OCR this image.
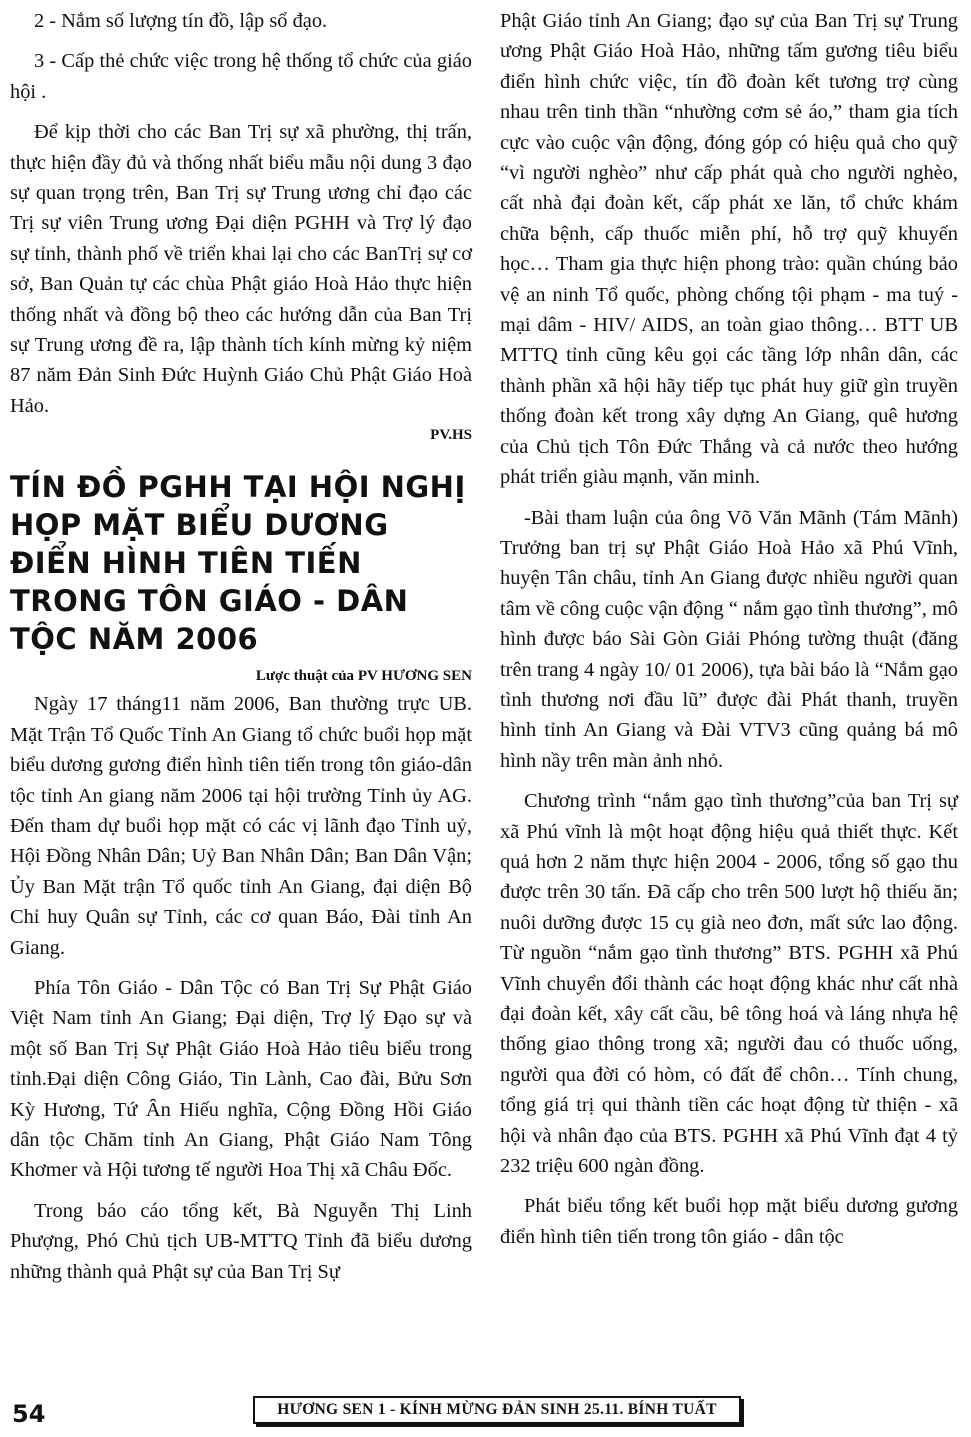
2 - Nắm số lượng tín đồ, lập sổ đạo.

3 - Cấp thẻ chức việc trong hệ thống tổ chức của giáo hội .

Để kịp thời cho các Ban Trị sự xã phường, thị trấn, thực hiện đầy đủ và thống nhất biểu mẫu nội dung 3 đạo sự quan trọng trên, Ban Trị sự Trung ương chỉ đạo các Trị sự viên Trung ương Đại diện PGHH và Trợ lý đạo sự tỉnh, thành phố về triển khai lại cho các BanTrị sự cơ sở, Ban Quản tự các chùa Phật giáo Hoà Hảo thực hiện thống nhất và đồng bộ theo các hướng dẫn của Ban Trị sự Trung ương đề ra, lập thành tích kính mừng kỷ niệm 87 năm Đản Sinh Đức Huỳnh Giáo Chủ Phật Giáo Hoà Hảo.

PV.HS
TÍN ĐỒ PGHH TẠI HỘI NGHỊ HỌP MẶT BIỂU DƯƠNG ĐIỂN HÌNH TIÊN TIẾN TRONG TÔN GIÁO - DÂN TỘC NĂM 2006
Lược thuật của PV HƯƠNG SEN

Ngày 17 tháng11 năm 2006, Ban thường trực UB. Mặt Trận Tổ Quốc Tỉnh An Giang tổ chức buổi họp mặt biểu dương gương điển hình tiên tiến trong tôn giáo-dân tộc tỉnh An giang năm 2006 tại hội trường Tỉnh ủy AG. Đến tham dự buổi họp mặt có các vị lãnh đạo Tỉnh uỷ, Hội Đồng Nhân Dân; Uỷ Ban Nhân Dân; Ban Dân Vận; Ủy Ban Mặt trận Tổ quốc tỉnh An Giang, đại diện Bộ Chỉ huy Quân sự Tỉnh, các cơ quan Báo, Đài tỉnh An Giang.

Phía Tôn Giáo - Dân Tộc có Ban Trị Sự Phật Giáo Việt Nam tỉnh An Giang; Đại diện, Trợ lý Đạo sự và một số Ban Trị Sự Phật Giáo Hoà Hảo tiêu biểu trong tỉnh.Đại diện Công Giáo, Tin Lành, Cao đài, Bửu Sơn Kỳ Hương, Tứ Ân Hiếu nghĩa, Cộng Đồng Hồi Giáo dân tộc Chăm tỉnh An Giang, Phật Giáo Nam Tông Khơmer và Hội tương tế người Hoa Thị xã Châu Đốc.

Trong báo cáo tổng kết, Bà Nguyễn Thị Linh Phượng, Phó Chủ tịch UB-MTTQ Tỉnh đã biểu dương những thành quả Phật sự của Ban Trị Sự

Phật Giáo tỉnh An Giang; đạo sự của Ban Trị sự Trung ương Phật Giáo Hoà Hảo, những tấm gương tiêu biểu điển hình chức việc, tín đồ đoàn kết tương trợ cùng nhau trên tinh thần “nhường cơm sẻ áo,” tham gia tích cực vào cuộc vận động, đóng góp có hiệu quả cho quỹ “vì người nghèo” như cấp phát quà cho người nghèo, cất nhà đại đoàn kết, cấp phát xe lăn, tổ chức khám chữa bệnh, cấp thuốc miễn phí, hỗ trợ quỹ khuyến học… Tham gia thực hiện phong trào: quần chúng bảo vệ an ninh Tổ quốc, phòng chống tội phạm - ma tuý - mại dâm - HIV/ AIDS, an toàn giao thông… BTT UB MTTQ tỉnh cũng kêu gọi các tầng lớp nhân dân, các thành phần xã hội hãy tiếp tục phát huy giữ gìn truyền thống đoàn kết trong xây dựng An Giang, quê hương của Chủ tịch Tôn Đức Thắng và cả nước theo hướng phát triển giàu mạnh, văn minh.

-Bài tham luận của ông Võ Văn Mãnh (Tám Mãnh) Trưởng ban trị sự Phật Giáo Hoà Hảo xã Phú Vĩnh, huyện Tân châu, tỉnh An Giang được nhiều người quan tâm về công cuộc vận động “ nắm gạo tình thương”, mô hình được báo Sài Gòn Giải Phóng tường thuật (đăng trên trang 4 ngày 10/ 01 2006), tựa bài báo là “Nắm gạo tình thương nơi đầu lũ” được đài Phát thanh, truyền hình tỉnh An Giang và Đài VTV3 cũng quảng bá mô hình nầy trên màn ảnh nhỏ.

Chương trình “nắm gạo tình thương”của ban Trị sự xã Phú vĩnh là một hoạt động hiệu quả thiết thực. Kết quả hơn 2 năm thực hiện 2004 - 2006, tổng số gạo thu được trên 30 tấn. Đã cấp cho trên 500 lượt hộ thiếu ăn; nuôi dưỡng được 15 cụ già neo đơn, mất sức lao động. Từ nguồn “nắm gạo tình thương” BTS. PGHH xã Phú Vĩnh chuyển đổi thành các hoạt động khác như cất nhà đại đoàn kết, xây cất cầu, bê tông hoá và láng nhựa hệ thống giao thông trong xã; người đau có thuốc uống, người qua đời có hòm, có đất để chôn… Tính chung, tổng giá trị qui thành tiền các hoạt động từ thiện - xã hội và nhân đạo của BTS. PGHH xã Phú Vĩnh đạt 4 tỷ 232 triệu 600 ngàn đồng.

Phát biểu tổng kết buổi họp mặt biểu dương gương điển hình tiên tiến trong tôn giáo - dân tộc

54	HƯƠNG SEN 1 - KÍNH MỪNG ĐẢN SINH 25.11. BÍNH TUẤT
